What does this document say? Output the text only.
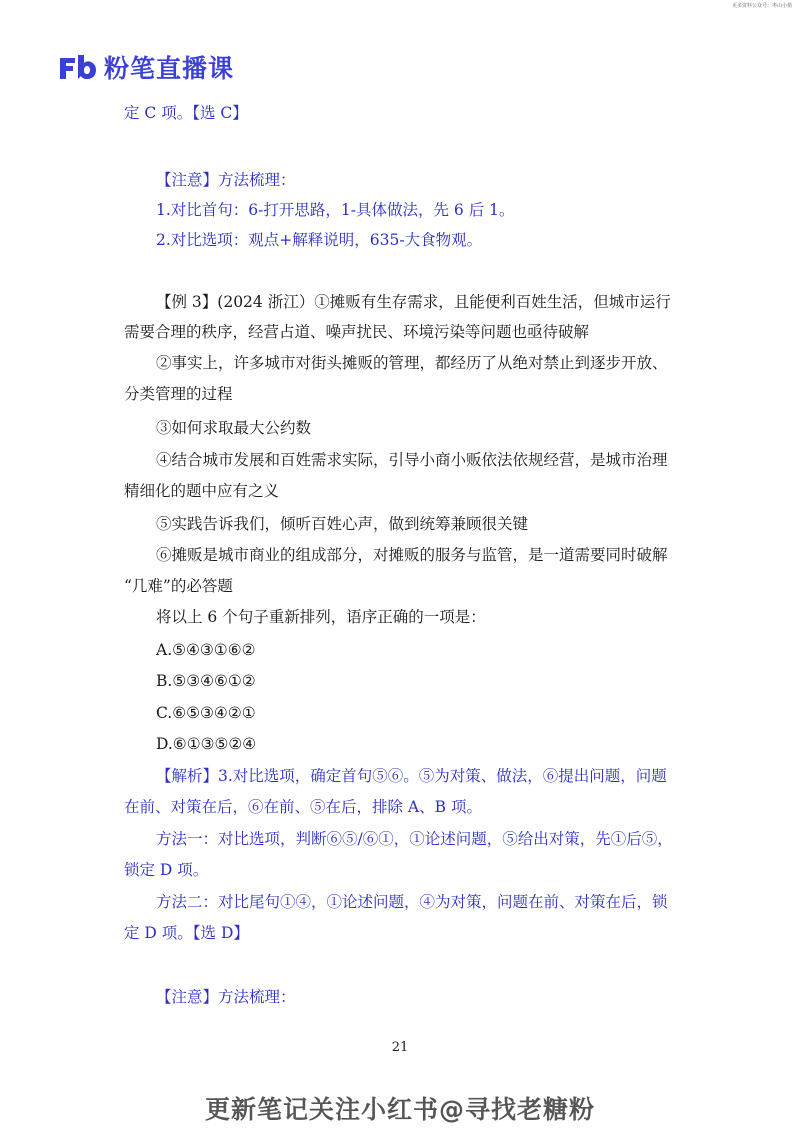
更多资料公众号：枣山小猪
粉笔直播课
定 C 项。【选 C】
【注意】方法梳理：
1.对比首句：6-打开思路，1-具体做法，先 6 后 1。
2.对比选项：观点+解释说明，635-大食物观。
【例 3】(2024 浙江）①摊贩有生存需求，且能便利百姓生活，但城市运行
需要合理的秩序，经营占道、噪声扰民、环境污染等问题也亟待破解
②事实上，许多城市对街头摊贩的管理，都经历了从绝对禁止到逐步开放、
分类管理的过程
③如何求取最大公约数
④结合城市发展和百姓需求实际，引导小商小贩依法依规经营，是城市治理
精细化的题中应有之义
⑤实践告诉我们，倾听百姓心声，做到统筹兼顾很关键
⑥摊贩是城市商业的组成部分，对摊贩的服务与监管，是一道需要同时破解
“几难”的必答题
将以上 6 个句子重新排列，语序正确的一项是：
A.⑤④③①⑥②
B.⑤③④⑥①②
C.⑥⑤③④②①
D.⑥①③⑤②④
【解析】3.对比选项，确定首句⑤⑥。⑤为对策、做法，⑥提出问题，问题
在前、对策在后，⑥在前、⑤在后，排除 A、B 项。
方法一：对比选项，判断⑥⑤/⑥①，①论述问题，⑤给出对策，先①后⑤，
锁定 D 项。
方法二：对比尾句①④，①论述问题，④为对策，问题在前、对策在后，锁
定 D 项。【选 D】
【注意】方法梳理：
21
更新笔记关注小红书@寻找老糖粉
